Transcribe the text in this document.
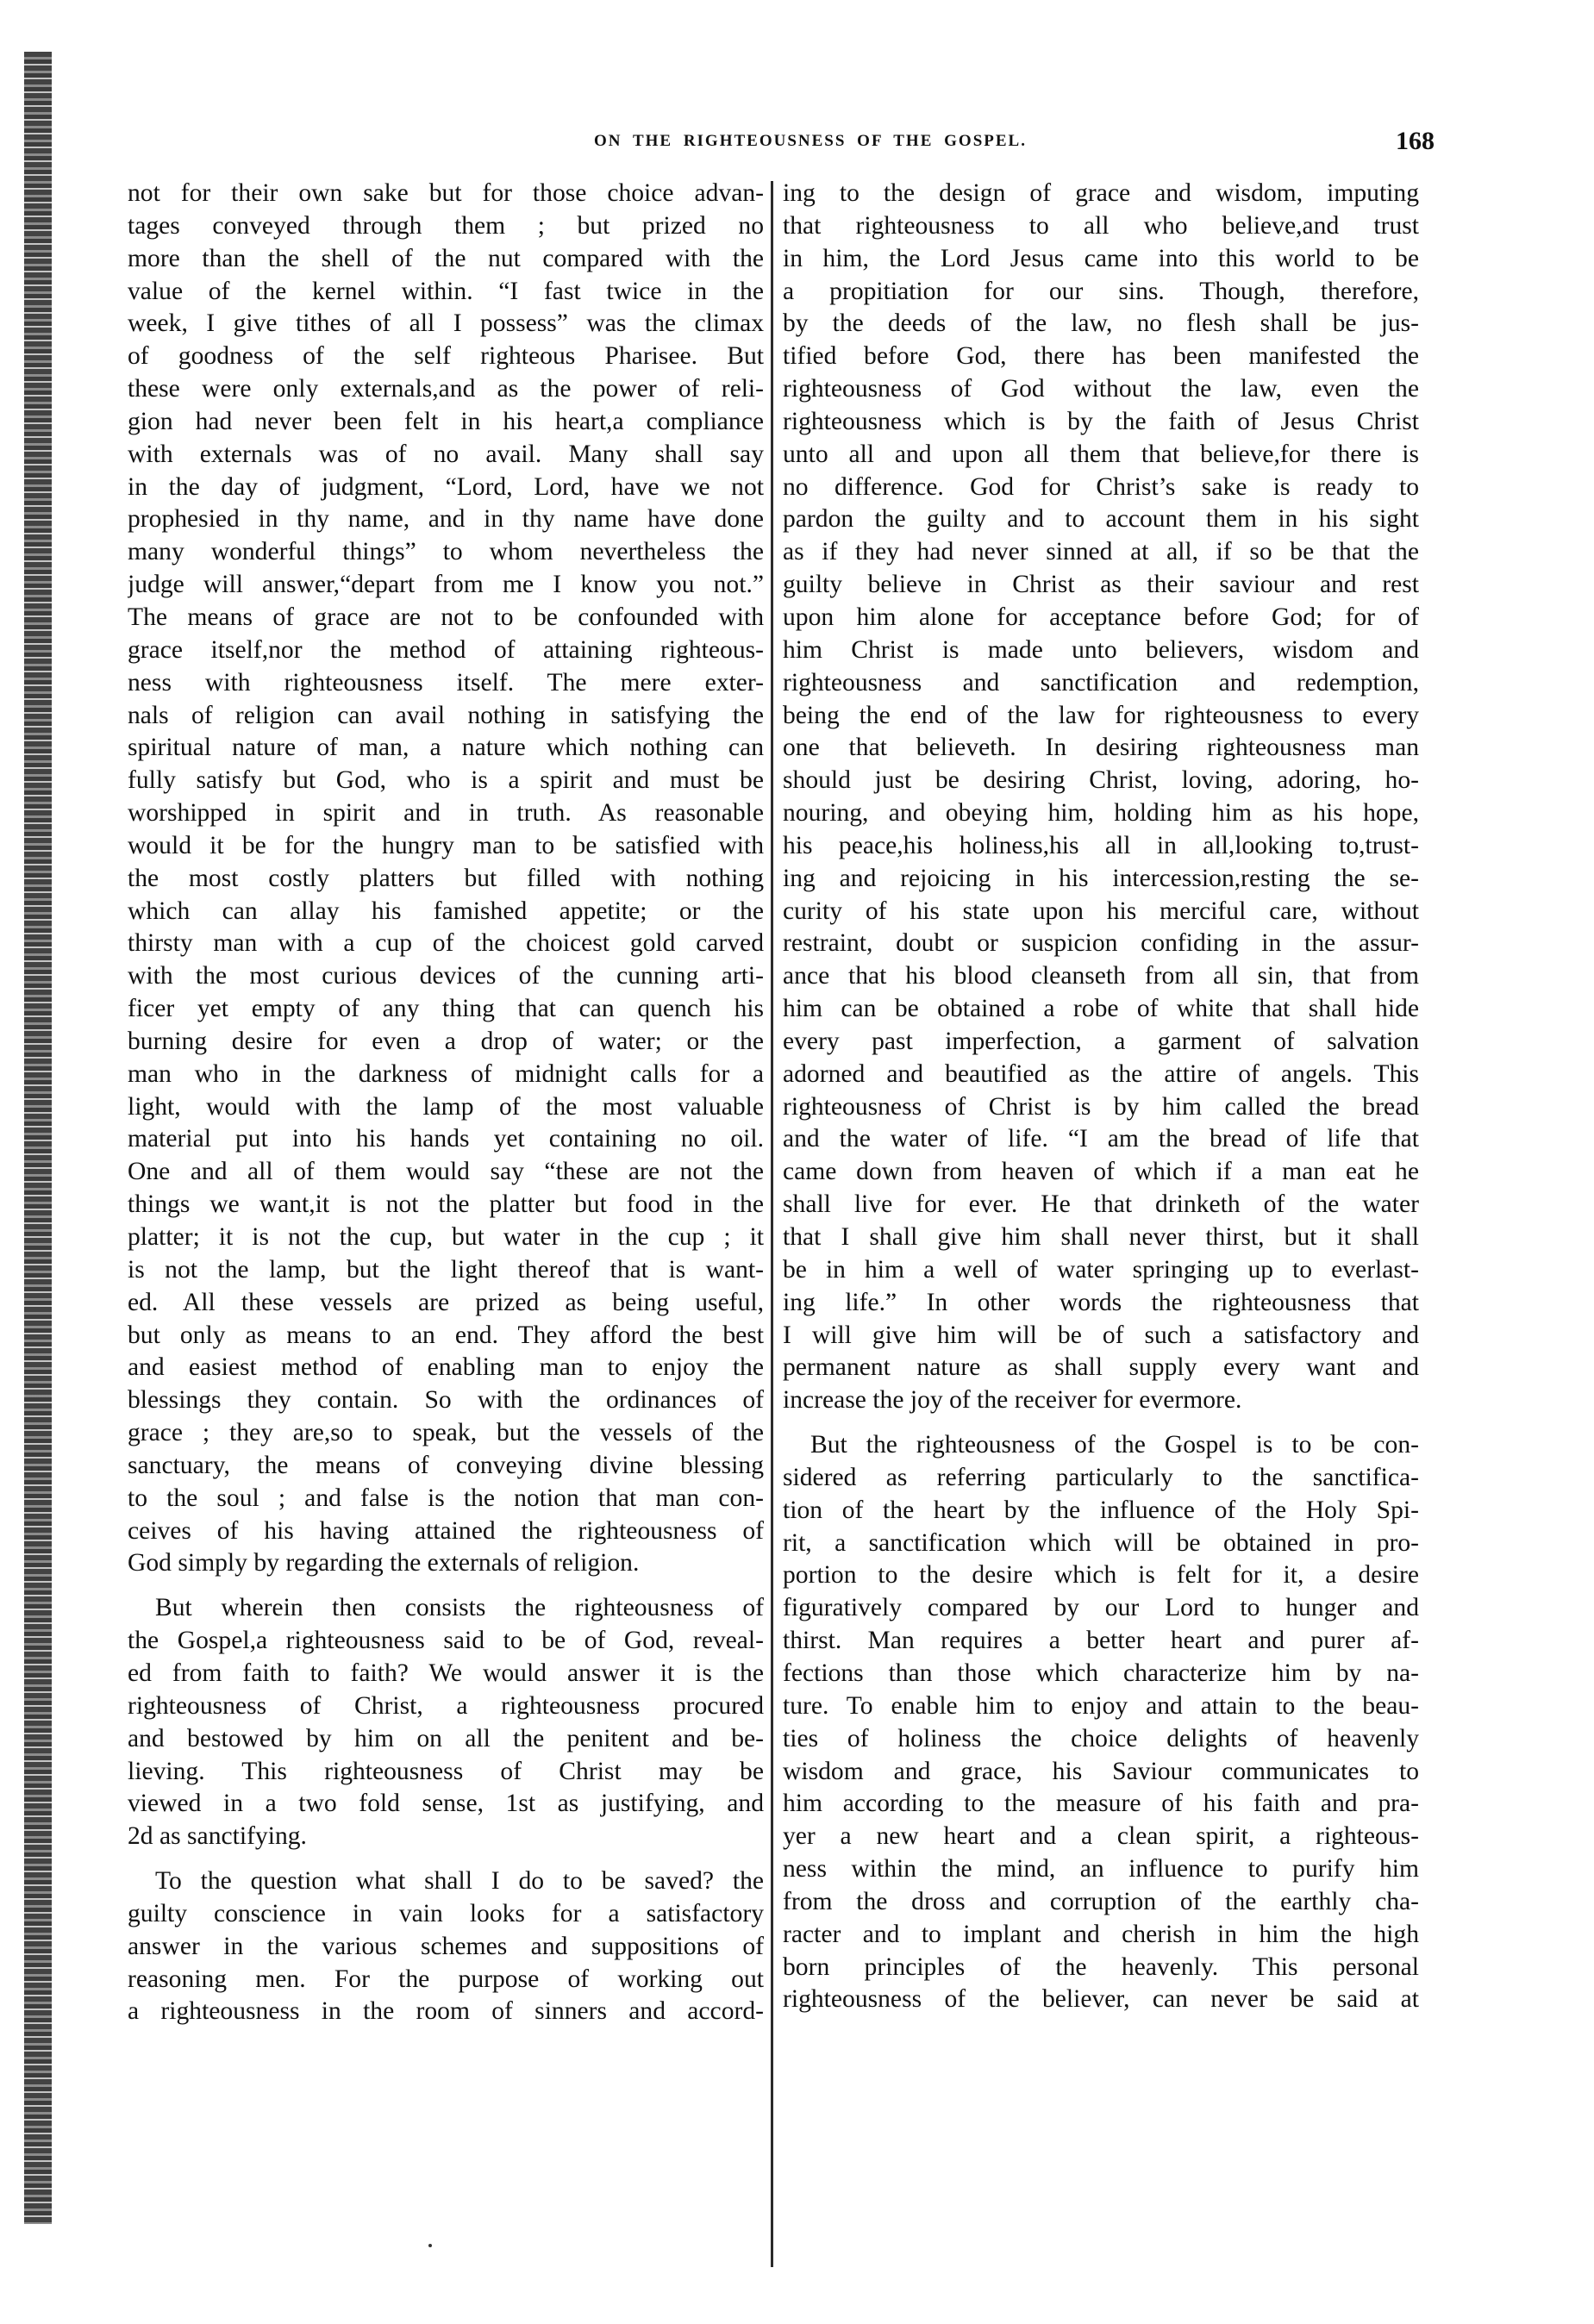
ON THE RIGHTEOUSNESS OF THE GOSPEL.	168

not for their own sake but for those choice advan-
tages conveyed through them ; but prized no
more than the shell of the nut compared with the
value of the kernel within. “I fast twice in the
week, I give tithes of all I possess” was the climax
of goodness of the self righteous Pharisee. But
these were only externals,and as the power of reli-
gion had never been felt in his heart,a compliance
with externals was of no avail. Many shall say
in the day of judgment, “Lord, Lord, have we not
prophesied in thy name, and in thy name have done
many wonderful things” to whom nevertheless the
judge will answer,“depart from me I know you not.”
The means of grace are not to be confounded with
grace itself,nor the method of attaining righteous-
ness with righteousness itself. The mere exter-
nals of religion can avail nothing in satisfying the
spiritual nature of man, a nature which nothing can
fully satisfy but God, who is a spirit and must be
worshipped in spirit and in truth. As reasonable
would it be for the hungry man to be satisfied with
the most costly platters but filled with nothing
which can allay his famished appetite; or the
thirsty man with a cup of the choicest gold carved
with the most curious devices of the cunning arti-
ficer yet empty of any thing that can quench his
burning desire for even a drop of water; or the
man who in the darkness of midnight calls for a
light, would with the lamp of the most valuable
material put into his hands yet containing no oil.
One and all of them would say “these are not the
things we want,it is not the platter but food in the
platter; it is not the cup, but water in the cup ; it
is not the lamp, but the light thereof that is want-
ed. All these vessels are prized as being useful,
but only as means to an end. They afford the best
and easiest method of enabling man to enjoy the
blessings they contain. So with the ordinances of
grace ; they are,so to speak, but the vessels of the
sanctuary, the means of conveying divine blessing
to the soul ; and false is the notion that man con-
ceives of his having attained the righteousness of
God simply by regarding the externals of religion.

But wherein then consists the righteousness of
the Gospel,a righteousness said to be of God, reveal-
ed from faith to faith? We would answer it is the
righteousness of Christ, a righteousness procured
and bestowed by him on all the penitent and be-
lieving. This righteousness of Christ may be
viewed in a two fold sense, 1st as justifying, and
2d as sanctifying.

To the question what shall I do to be saved? the
guilty conscience in vain looks for a satisfactory
answer in the various schemes and suppositions of
reasoning men. For the purpose of working out
a righteousness in the room of sinners and accord-

ing to the design of grace and wisdom, imputing
that righteousness to all who believe,and trust
in him, the Lord Jesus came into this world to be
a propitiation for our sins. Though, therefore,
by the deeds of the law, no flesh shall be jus-
tified before God, there has been manifested the
righteousness of God without the law, even the
righteousness which is by the faith of Jesus Christ
unto all and upon all them that believe,for there is
no difference. God for Christ’s sake is ready to
pardon the guilty and to account them in his sight
as if they had never sinned at all, if so be that the
guilty believe in Christ as their saviour and rest
upon him alone for acceptance before God; for of
him Christ is made unto believers, wisdom and
righteousness and sanctification and redemption,
being the end of the law for righteousness to every
one that believeth. In desiring righteousness man
should just be desiring Christ, loving, adoring, ho-
nouring, and obeying him, holding him as his hope,
his peace,his holiness,his all in all,looking to,trust-
ing and rejoicing in his intercession,resting the se-
curity of his state upon his merciful care, without
restraint, doubt or suspicion confiding in the assur-
ance that his blood cleanseth from all sin, that from
him can be obtained a robe of white that shall hide
every past imperfection, a garment of salvation
adorned and beautified as the attire of angels. This
righteousness of Christ is by him called the bread
and the water of life. “I am the bread of life that
came down from heaven of which if a man eat he
shall live for ever. He that drinketh of the water
that I shall give him shall never thirst, but it shall
be in him a well of water springing up to everlast-
ing life.” In other words the righteousness that
I will give him will be of such a satisfactory and
permanent nature as shall supply every want and
increase the joy of the receiver for evermore.

But the righteousness of the Gospel is to be con-
sidered as referring particularly to the sanctifica-
tion of the heart by the influence of the Holy Spi-
rit, a sanctification which will be obtained in pro-
portion to the desire which is felt for it, a desire
figuratively compared by our Lord to hunger and
thirst. Man requires a better heart and purer af-
fections than those which characterize him by na-
ture. To enable him to enjoy and attain to the beau-
ties of holiness the choice delights of heavenly
wisdom and grace, his Saviour communicates to
him according to the measure of his faith and pra-
yer a new heart and a clean spirit, a righteous-
ness within the mind, an influence to purify him
from the dross and corruption of the earthly cha-
racter and to implant and cherish in him the high
born principles of the heavenly. This personal
righteousness of the believer, can never be said at
